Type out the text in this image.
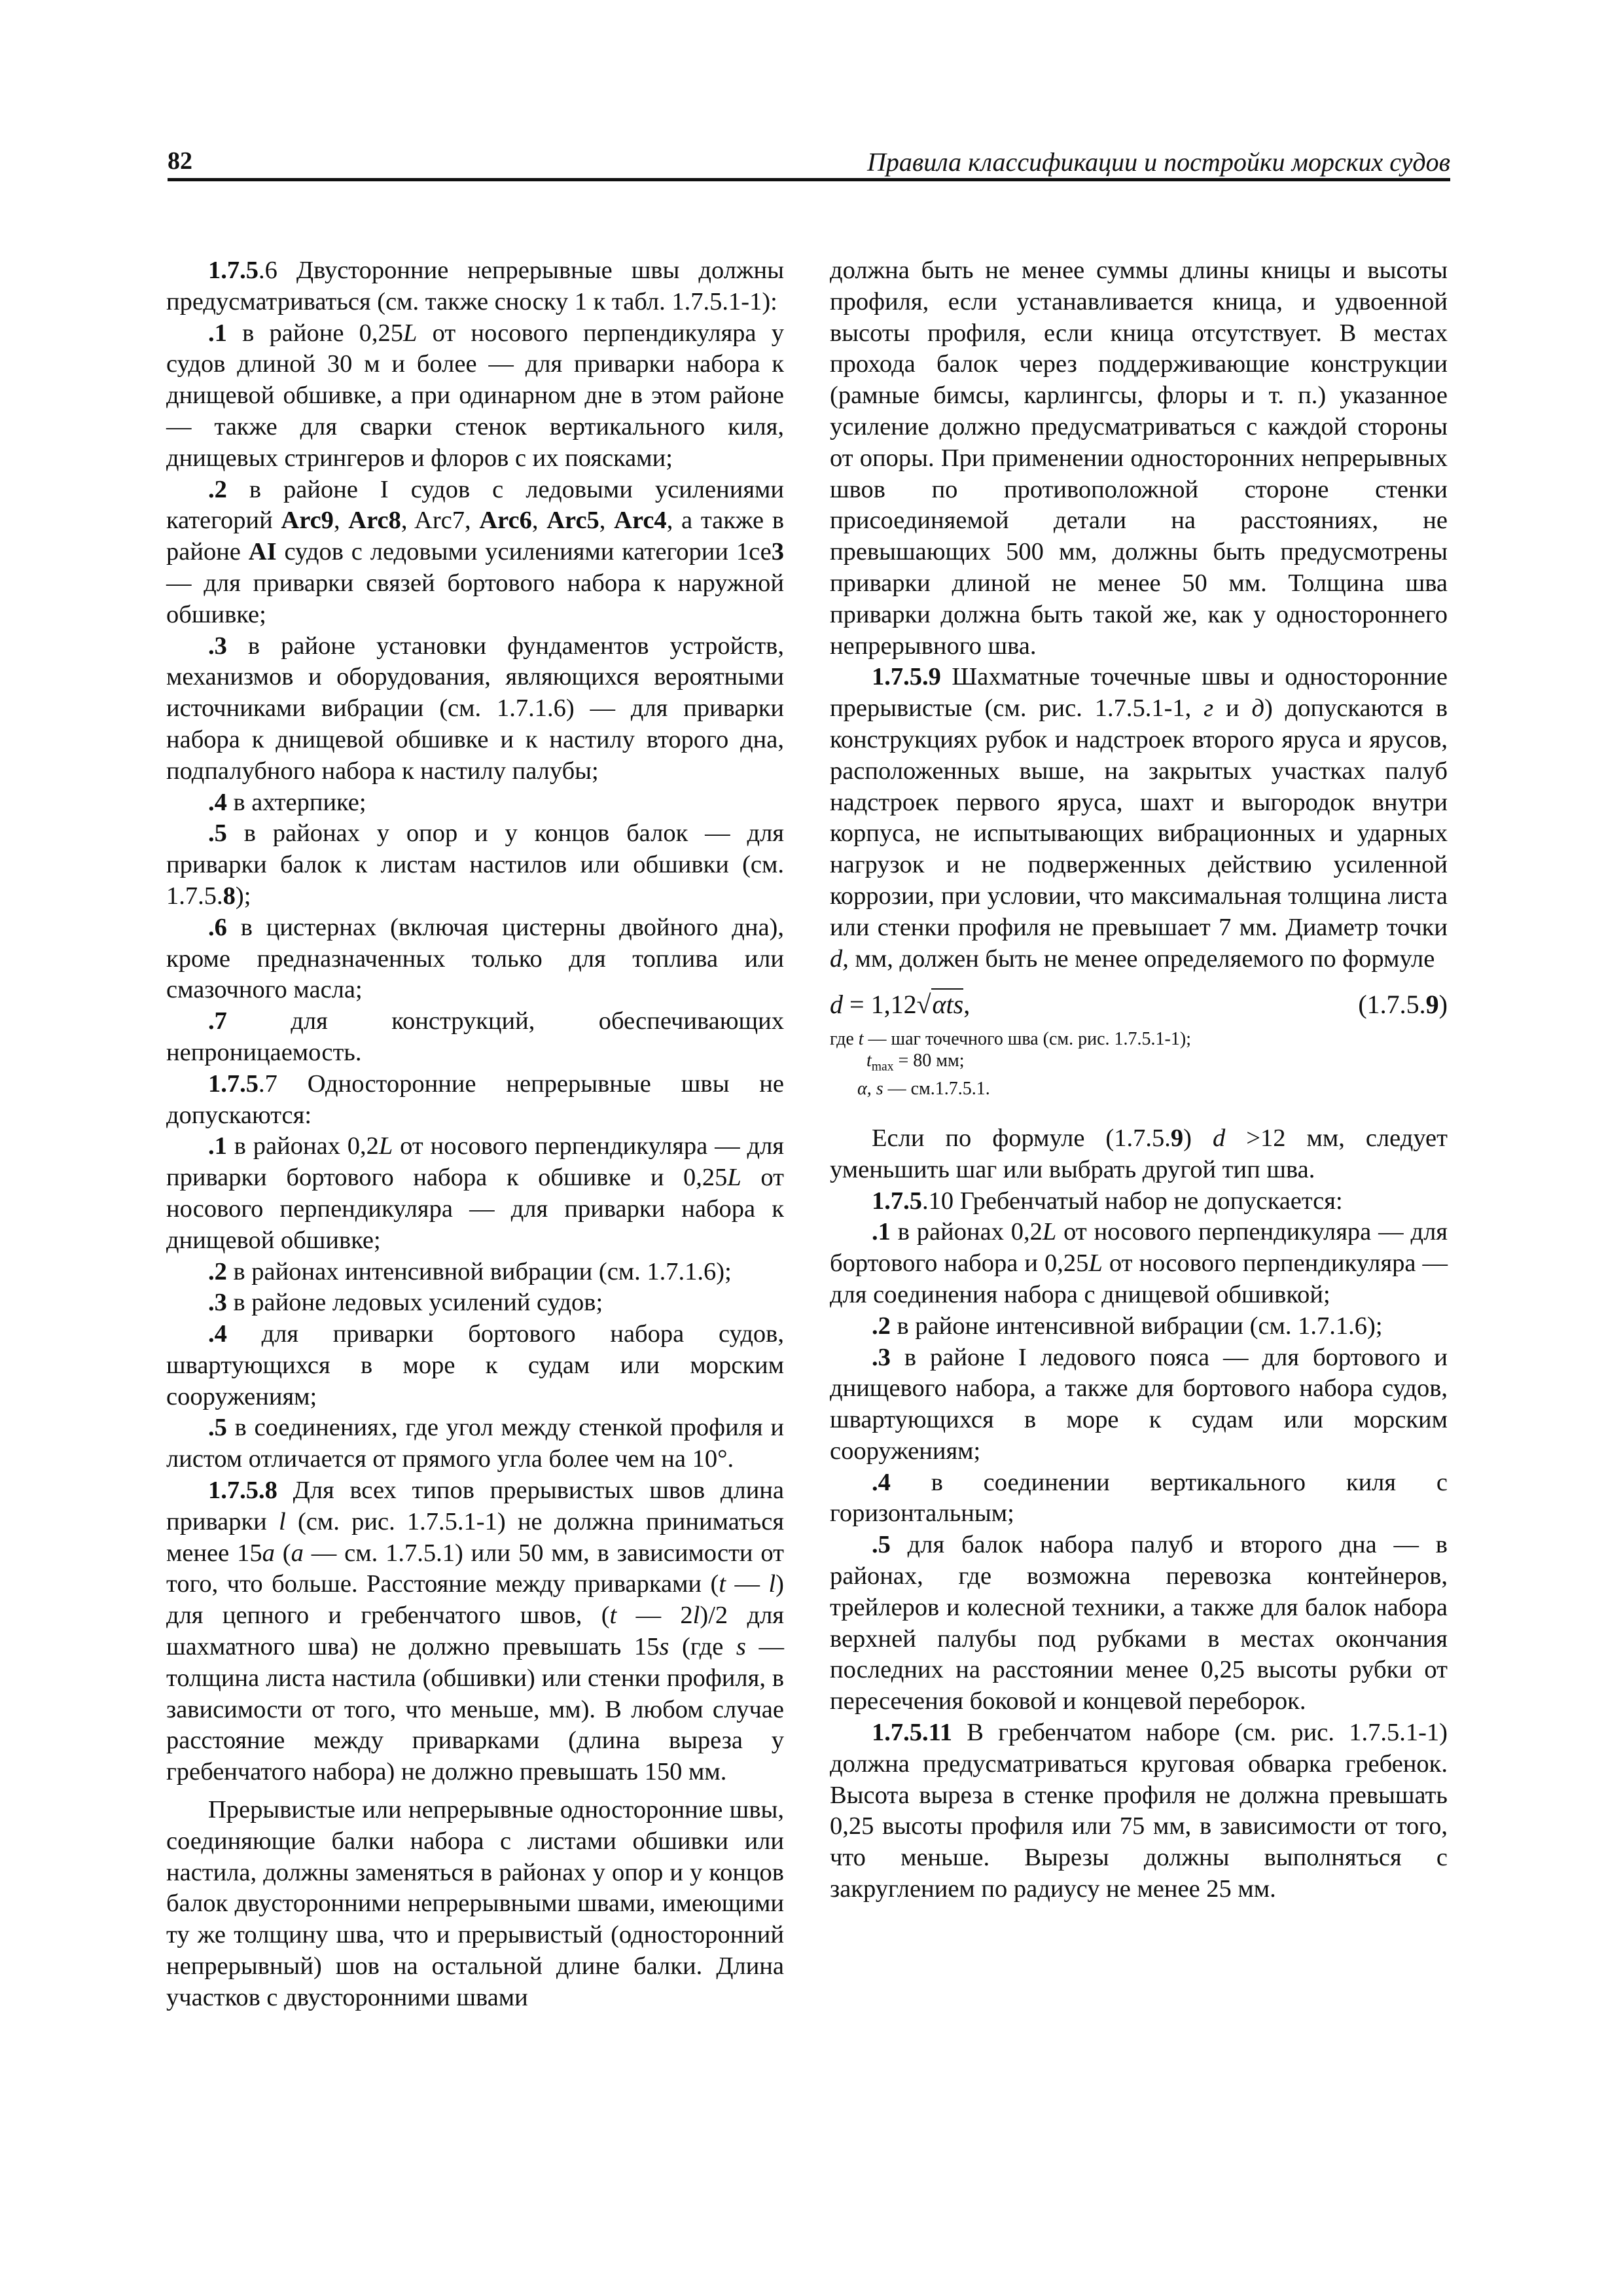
82	Правила классификации и постройки морских судов

1.7.5.6 Двусторонние непрерывные швы должны предусматриваться (см. также сноску 1 к табл. 1.7.5.1-1):

.1 в районе 0,25L от носового перпендикуляра у судов длиной 30 м и более — для приварки набора к днищевой обшивке, а при одинарном дне в этом районе — также для сварки стенок вертикального киля, днищевых стрингеров и флоров с их поясками;

.2 в районе I судов с ледовыми усилениями категорий Arc9, Arc8, Arc7, Arc6, Arc5, Arc4, а также в районе AI судов с ледовыми усилениями категории 1се3 — для приварки связей бортового набора к наружной обшивке;

.3 в районе установки фундаментов устройств, механизмов и оборудования, являющихся вероятными источниками вибрации (см. 1.7.1.6) — для приварки набора к днищевой обшивке и к настилу второго дна, подпалубного набора к настилу палубы;

.4 в ахтерпике;

.5 в районах у опор и у концов балок — для приварки балок к листам настилов или обшивки (см. 1.7.5.8);

.6 в цистернах (включая цистерны двойного дна), кроме предназначенных только для топлива или смазочного масла;

.7 для конструкций, обеспечивающих непроницаемость.

1.7.5.7 Односторонние непрерывные швы не допускаются:

.1 в районах 0,2L от носового перпендикуляра — для приварки бортового набора к обшивке и 0,25L от носового перпендикуляра — для приварки набора к днищевой обшивке;

.2 в районах интенсивной вибрации (см. 1.7.1.6);

.3 в районе ледовых усилений судов;

.4 для приварки бортового набора судов, швартующихся в море к судам или морским сооружениям;

.5 в соединениях, где угол между стенкой профиля и листом отличается от прямого угла более чем на 10°.

1.7.5.8 Для всех типов прерывистых швов длина приварки l (см. рис. 1.7.5.1-1) не должна приниматься менее 15a (a — см. 1.7.5.1) или 50 мм, в зависимости от того, что больше. Расстояние между приварками (t — l) для цепного и гребенчатого швов, (t — 2l)/2 для шахматного шва) не должно превышать 15s (где s — толщина листа настила (обшивки) или стенки профиля, в зависимости от того, что меньше, мм). В любом случае расстояние между приварками (длина выреза у гребенчатого набора) не должно превышать 150 мм.

Прерывистые или непрерывные односторонние швы, соединяющие балки набора с листами обшивки или настила, должны заменяться в районах у опор и у концов балок двусторонними непрерывными швами, имеющими ту же толщину шва, что и прерывистый (односторонний непрерывный) шов на остальной длине балки. Длина участков с двусторонними швами

должна быть не менее суммы длины кницы и высоты профиля, если устанавливается кница, и удвоенной высоты профиля, если кница отсутствует. В местах прохода балок через поддерживающие конструкции (рамные бимсы, карлингсы, флоры и т. п.) указанное усиление должно предусматриваться с каждой стороны от опоры. При применении односторонних непрерывных швов по противоположной стороне стенки присоединяемой детали на расстояниях, не превышающих 500 мм, должны быть предусмотрены приварки длиной не менее 50 мм. Толщина шва приварки должна быть такой же, как у одностороннего непрерывного шва.

1.7.5.9 Шахматные точечные швы и односторонние прерывистые (см. рис. 1.7.5.1-1, г и д) допускаются в конструкциях рубок и надстроек второго яруса и ярусов, расположенных выше, на закрытых участках палуб надстроек первого яруса, шахт и выгородок внутри корпуса, не испытывающих вибрационных и ударных нагрузок и не подверженных действию усиленной коррозии, при условии, что максимальная толщина листа или стенки профиля не превышает 7 мм. Диаметр точки d, мм, должен быть не менее определяемого по формуле

d = 1,12√αts,	(1.7.5.9)
где t — шаг точечного шва (см. рис. 1.7.5.1-1);
$t_{max} = 80$ мм;
α, s — см.1.7.5.1.

Если по формуле (1.7.5.9) d >12 мм, следует уменьшить шаг или выбрать другой тип шва.

1.7.5.10 Гребенчатый набор не допускается:

.1 в районах 0,2L от носового перпендикуляра — для бортового набора и 0,25L от носового перпендикуляра — для соединения набора с днищевой обшивкой;

.2 в районе интенсивной вибрации (см. 1.7.1.6);

.3 в районе I ледового пояса — для бортового и днищевого набора, а также для бортового набора судов, швартующихся в море к судам или морским сооружениям;

.4 в соединении вертикального киля с горизонтальным;

.5 для балок набора палуб и второго дна — в районах, где возможна перевозка контейнеров, трейлеров и колесной техники, а также для балок набора верхней палубы под рубками в местах окончания последних на расстоянии менее 0,25 высоты рубки от пересечения боковой и концевой переборок.

1.7.5.11 В гребенчатом наборе (см. рис. 1.7.5.1-1) должна предусматриваться круговая обварка гребенок. Высота выреза в стенке профиля не должна превышать 0,25 высоты профиля или 75 мм, в зависимости от того, что меньше. Вырезы должны выполняться с закруглением по радиусу не менее 25 мм.
